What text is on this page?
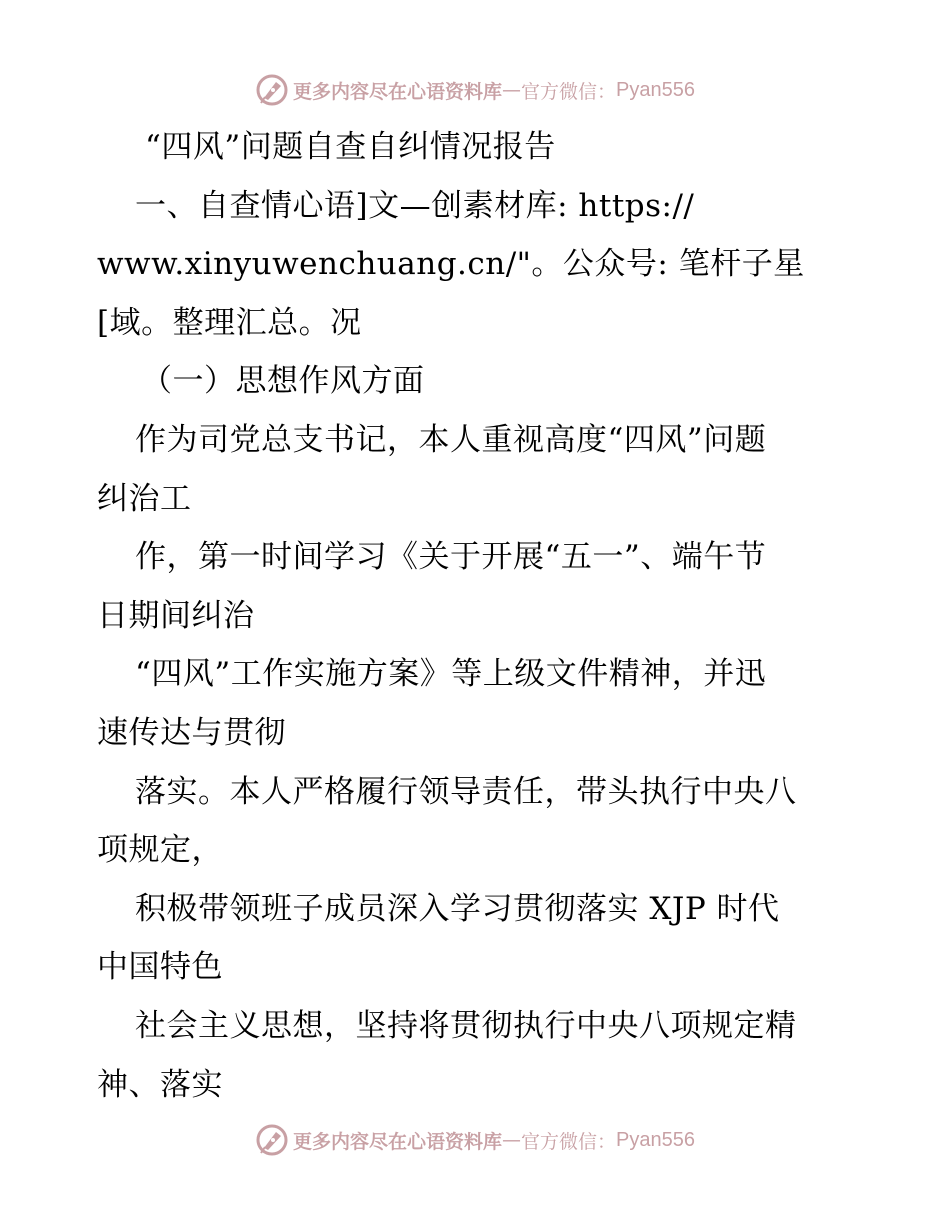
更多内容尽在心语资料库 — 官方微信： Pyan556
“四风”问题自查自纠情况报告
一、自查情心语]文—创素材库: https://
www.xinyuwenchuang.cn/"。公众号: 笔杆子星
[域。整理汇总。况
（一）思想作风方面
作为司党总支书记，本人重视高度“四风”问题
纠治工
作，第一时间学习《关于开展“五一”、端午节
日期间纠治
“四风”工作实施方案》等上级文件精神，并迅
速传达与贯彻
落实。本人严格履行领导责任，带头执行中央八
项规定，
积极带领班子成员深入学习贯彻落实 XJP 时代
中国特色
社会主义思想，坚持将贯彻执行中央八项规定精
神、落实
更多内容尽在心语资料库 — 官方微信： Pyan556
